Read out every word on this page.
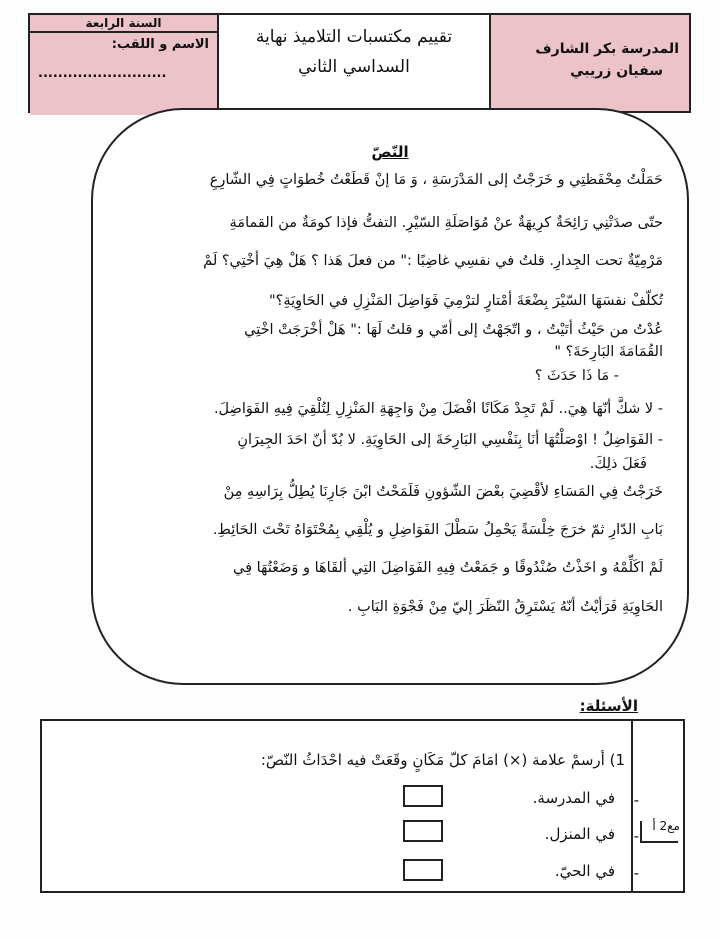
السنة الرابعة
الاسم و اللقب:
..........................
تقييم مكتسبات التلاميذ نهاية
السداسي الثاني
المدرسة بكر الشارف
سفيان زريبي
النّصّ
حَمَلْتُ مِحْفَظتِي و خَرَجْتُ إلى المَدْرَسَةِ ، وَ مَا إنْ قَطَعْتُ خُطوَاتٍ فِي الشّارِعِ
حتّى صدَتْنِي رَائِحَةٌ كرِيهَةٌ عنْ مُوَاصَلَةِ السّيْرِ. التفتُّ فإذا كومَةٌ من القمامَةِ
مَرْمِيّةٌ تحت الجِدارِ. قلتُ في نفسِي غاضِبًا :" من فعلَ هَذا ؟ هَلْ هِيَ أخْتِي؟ لَمْ
تُكلّفْ نفسَهَا السّيْرَ بِضْعَةَ أمْتارٍ لترْمِيَ فَوَاضِلَ المَنْزِلِ في الحَاوِيَةِ؟"
عُدْتُ من حَيْثُ أتَيْتُ ، و اتّجَهْتُ إلى أمّي و قلتُ لَهَا :" هَلْ أخْرَجَتْ اخْتِي
القُمَامَةَ البَارِحَةَ؟ "
- مَا ذَا حَدَثَ ؟
- لا شكَّ أنّهَا هِيَ.. لَمْ تَجِدْ مَكَانًا افْضَلَ مِنْ وَاجِهَةِ المَنْزِلِ لِتُلْقِيَ فِيهِ الفَوَاضِلَ.
- الفَوَاضِلُ ! اوْصَلْتُهَا أنَا بِنَفْسِي البَارِحَةَ إلى الحَاوِيَةِ. لا بُدّ أنّ احَدَ الجِيرَانِ
فَعَلَ ذلِكَ.
خَرَجْتُ فِي المَسَاءِ لأقْضِيَ بعْضَ الشّؤونِ فَلَمَحْتُ ابْنَ جَارِنَا يُطِلُّ بِرَاسِهِ مِنْ
بَابِ الدّارِ ثمّ خرَجَ خِلْسَةً يَحْمِلُ سَطْلَ الفَوَاضِلِ و يُلْقِي بِمُحْتَوَاهُ تَحْتَ الحَائِطِ.
لَمْ اكَلِّمْهُ و اخَذْتُ صُنْدُوقًا و جَمَعْتُ فِيهِ الفَوَاضِلَ التِي ألقَاهَا و وَضَعْتُهَا فِي
الحَاوِيَةِ فَرَأيْتُ أنّهُ يَسْتَرِقُ النّظَرَ إليّ مِنْ فَجْوَةِ البَابِ .
الأسئلة:
مع2 أ
1) أرسمْ علامة (×) امَامَ كلّ مَكَانٍ وقَعَتْ فيه احْدَاثُ النّصّ:
-
في المدرسة.
-
في المنزل.
-
في الحيّ.
